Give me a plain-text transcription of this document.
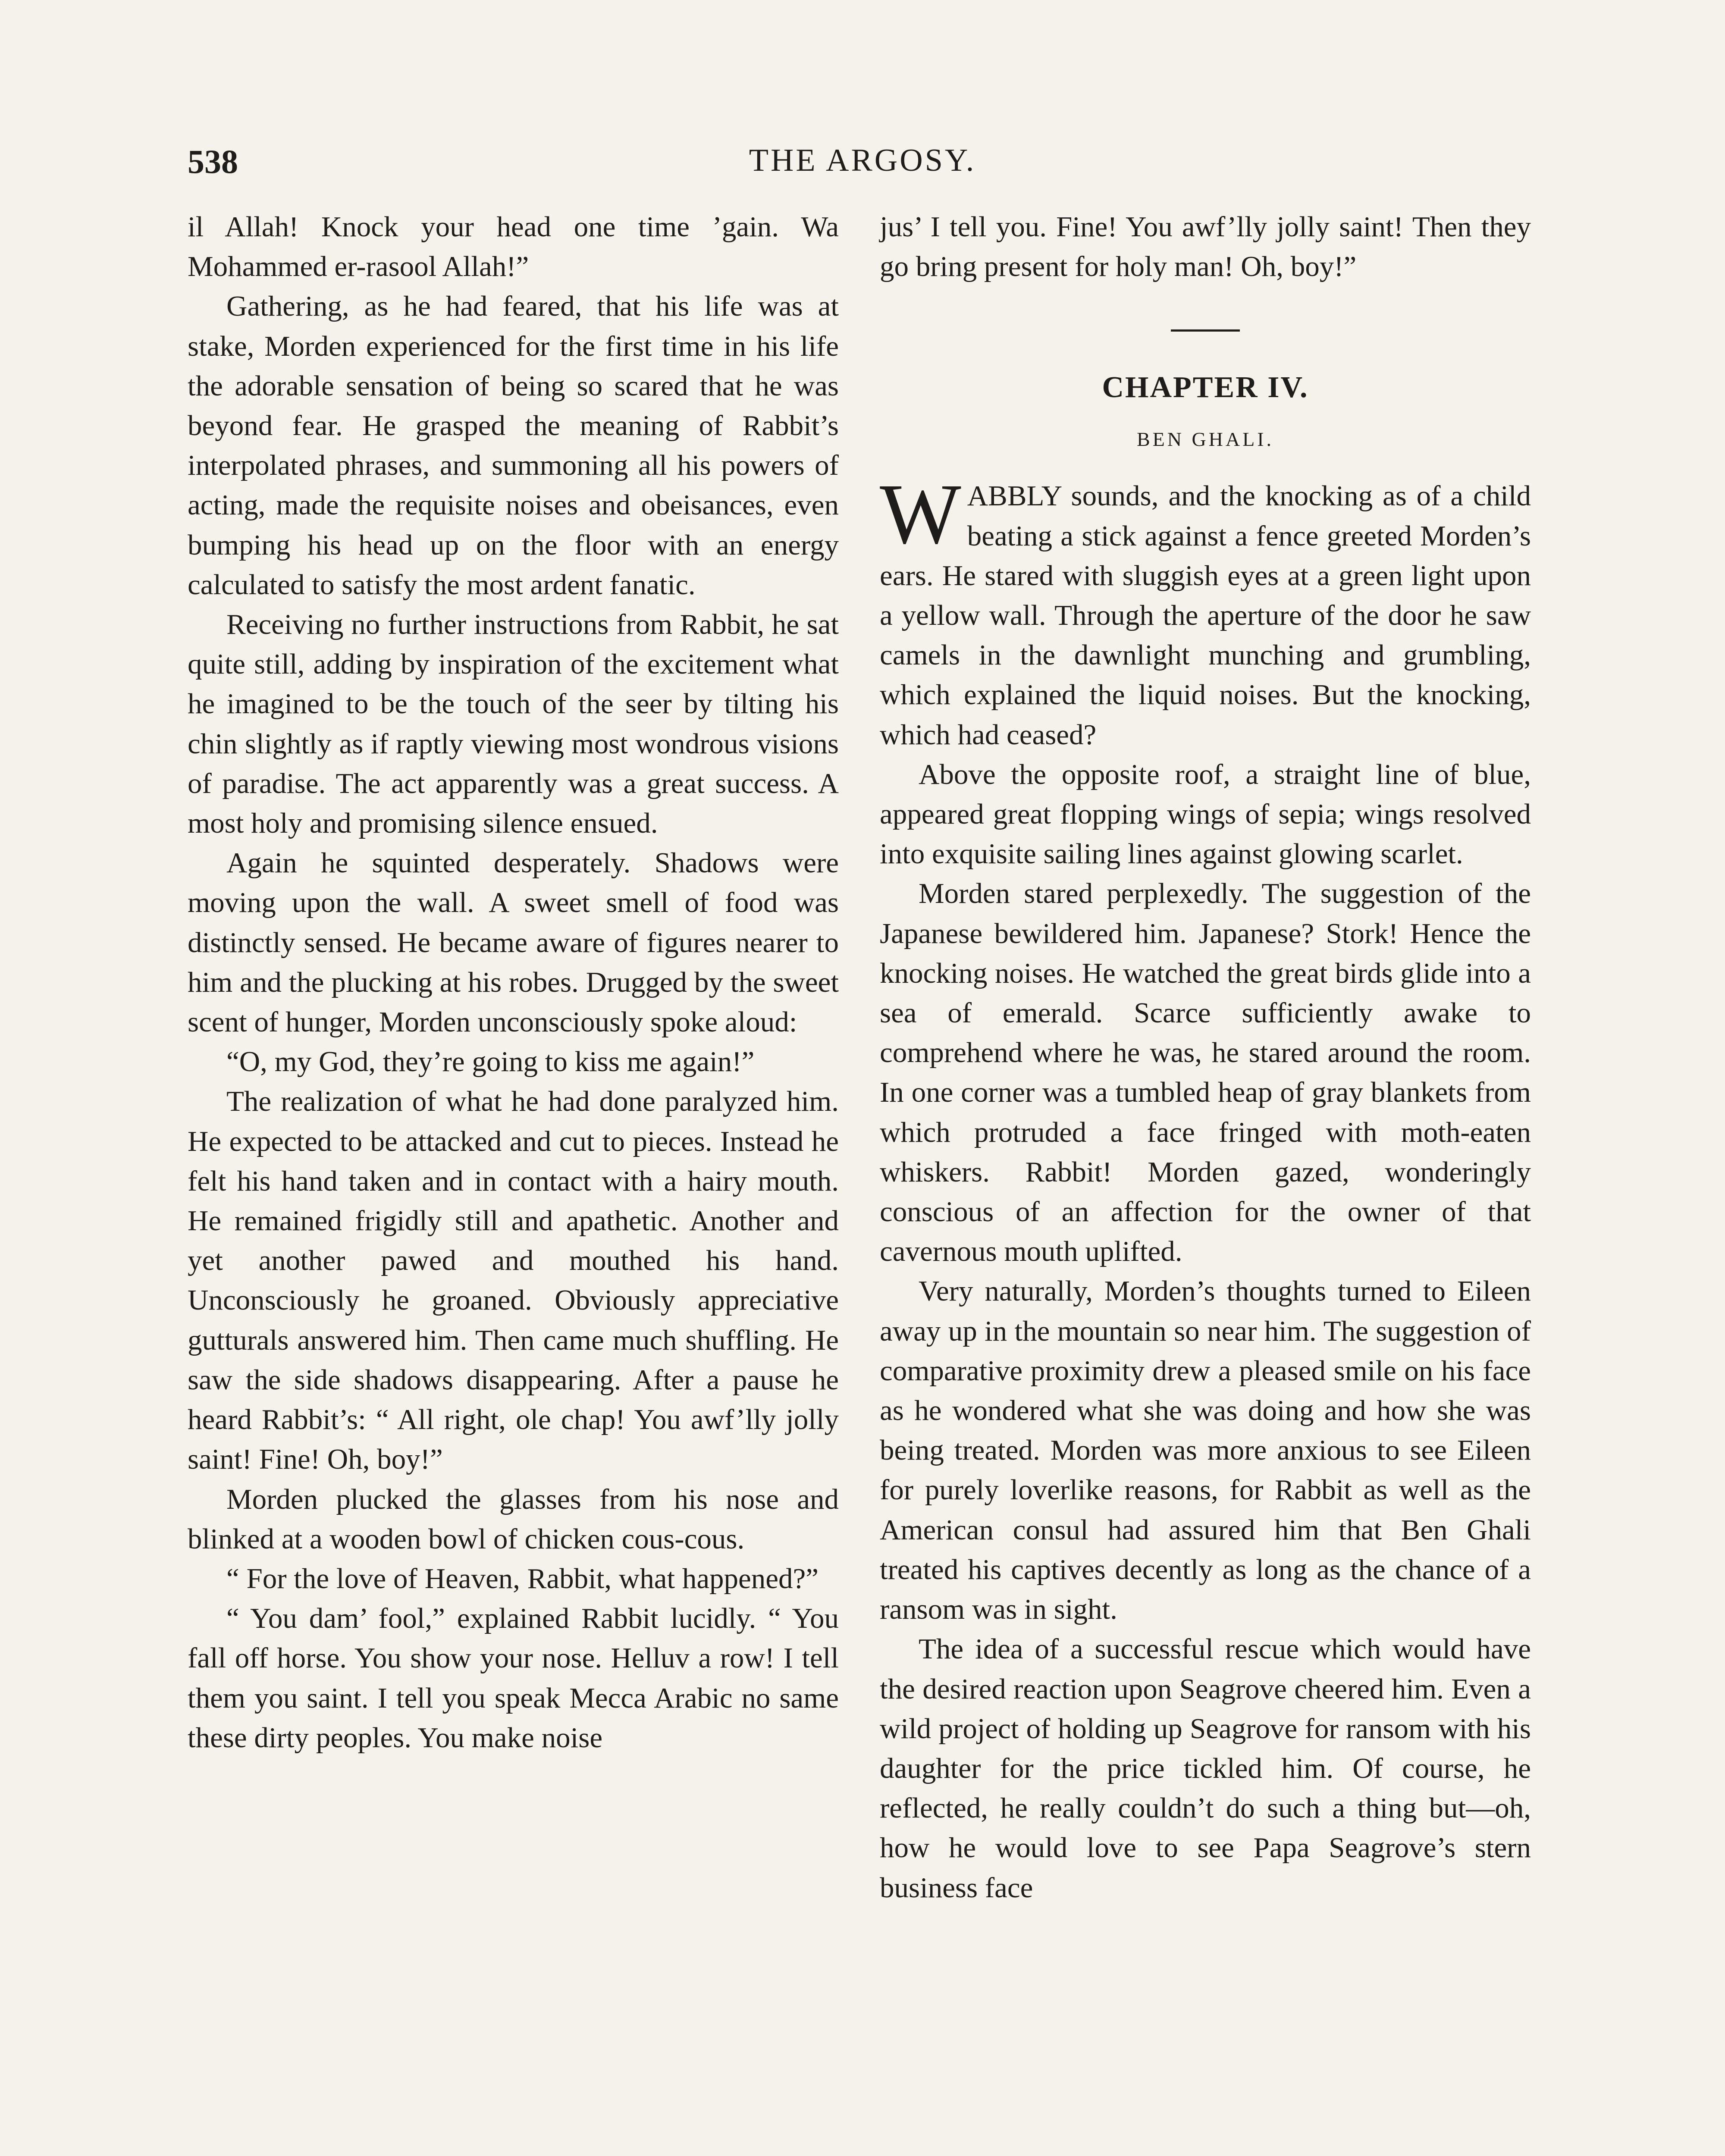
538	THE ARGOSY.

il Allah! Knock your head one time ’gain. Wa Mohammed er-rasool Allah!”

Gathering, as he had feared, that his life was at stake, Morden experienced for the first time in his life the adorable sensation of being so scared that he was beyond fear. He grasped the meaning of Rabbit’s interpolated phrases, and summoning all his powers of acting, made the requisite noises and obeisances, even bumping his head up on the floor with an energy calculated to satisfy the most ardent fanatic.

Receiving no further instructions from Rabbit, he sat quite still, adding by inspiration of the excitement what he imagined to be the touch of the seer by tilting his chin slightly as if raptly viewing most wondrous visions of paradise. The act apparently was a great success. A most holy and promising silence ensued.

Again he squinted desperately. Shadows were moving upon the wall. A sweet smell of food was distinctly sensed. He became aware of figures nearer to him and the plucking at his robes. Drugged by the sweet scent of hunger, Morden unconsciously spoke aloud:

“O, my God, they’re going to kiss me again!”

The realization of what he had done paralyzed him. He expected to be attacked and cut to pieces. Instead he felt his hand taken and in contact with a hairy mouth. He remained frigidly still and apathetic. Another and yet another pawed and mouthed his hand. Unconsciously he groaned. Obviously appreciative gutturals answered him. Then came much shuffling. He saw the side shadows disappearing. After a pause he heard Rabbit’s: “ All right, ole chap! You awf’lly jolly saint! Fine! Oh, boy!”

Morden plucked the glasses from his nose and blinked at a wooden bowl of chicken cous-cous.

“ For the love of Heaven, Rabbit, what happened?”

“ You dam’ fool,” explained Rabbit lucidly. “ You fall off horse. You show your nose. Helluv a row! I tell them you saint. I tell you speak Mecca Arabic no same these dirty peoples. You make noise

jus’ I tell you. Fine! You awf’lly jolly saint! Then they go bring present for holy man! Oh, boy!”

CHAPTER IV.
BEN GHALI.

WABBLY sounds, and the knocking as of a child beating a stick against a fence greeted Morden’s ears. He stared with sluggish eyes at a green light upon a yellow wall. Through the aperture of the door he saw camels in the dawnlight munching and grumbling, which explained the liquid noises. But the knocking, which had ceased?

Above the opposite roof, a straight line of blue, appeared great flopping wings of sepia; wings resolved into exquisite sailing lines against glowing scarlet.

Morden stared perplexedly. The suggestion of the Japanese bewildered him. Japanese? Stork! Hence the knocking noises. He watched the great birds glide into a sea of emerald. Scarce sufficiently awake to comprehend where he was, he stared around the room. In one corner was a tumbled heap of gray blankets from which protruded a face fringed with moth-eaten whiskers. Rabbit! Morden gazed, wonderingly conscious of an affection for the owner of that cavernous mouth uplifted.

Very naturally, Morden’s thoughts turned to Eileen away up in the mountain so near him. The suggestion of comparative proximity drew a pleased smile on his face as he wondered what she was doing and how she was being treated. Morden was more anxious to see Eileen for purely loverlike reasons, for Rabbit as well as the American consul had assured him that Ben Ghali treated his captives decently as long as the chance of a ransom was in sight.

The idea of a successful rescue which would have the desired reaction upon Seagrove cheered him. Even a wild project of holding up Seagrove for ransom with his daughter for the price tickled him. Of course, he reflected, he really couldn’t do such a thing but—oh, how he would love to see Papa Seagrove’s stern business face
